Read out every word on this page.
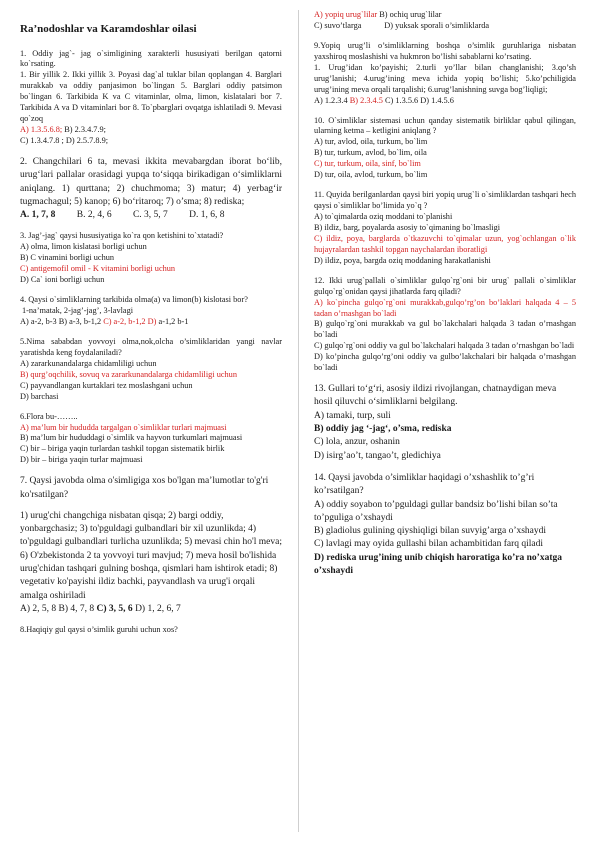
Ra’nodoshlar va Karamdoshlar oilasi

1. Oddiy jag`- jag o`simligining xarakterli hususiyati berilgan qatorni ko`rsating.

1. Bir yillik 2. Ikki yillik 3. Poyasi dag`al tuklar bilan qoplangan 4. Barglari murakkab va oddiy panjasimon bo`lingan 5. Barglari oddiy patsimon bo`lingan 6. Tarkibida K va C vitaminlar, olma, limon, kislatalari bor 7. Tarkibida A va D vitaminlari bor 8. To`pbarglari ovqatga ishlatiladi 9. Mevasi qo`zoq

A) 1.3.5.6.8; B) 2.3.4.7.9;

C) 1.3.4.7.8 ; D) 2.5.7.8.9;

2. Changchilari 6 ta, mevasi ikkita mevabargdan iborat bo‘lib, urug‘lari pallalar orasidagi yupqa to‘siqqa birikadigan o‘simliklarni aniqlang. 1) qurttana; 2) chuchmoma; 3) matur; 4) yerbag‘ir tugmachagul; 5) kanop; 6) bo‘ritaroq; 7) o’sma; 8) rediska;

A. 1, 7, 8 B. 2, 4, 6         C. 3, 5, 7         D. 1, 6, 8

3. Jag’-jag` qaysi hususiyatiga ko`ra qon ketishini to`xtatadi?

A) olma, limon kislatasi borligi uchun

B) C vinamini borligi uchun

C) antigemofil omil - K vitamini borligi uchun

D) Ca` ioni borligi uchun

4. Qaysi o`simliklarning tarkibida olma(a) va limon(b) kislotasi bor?

1-na’matak, 2-jag’-jag’, 3-lavlagi

A) a-2, b-3 B) a-3, b-1,2 C) a-2, b-1,2 D) a-1,2 b-1

5.Nima sababdan yovvoyi olma,nok,olcha o’simliklaridan yangi navlar yaratishda keng foydalaniladi?

A) zararkunandalarga chidamliligi uchun

B) qurg’oqchilik, sovuq va zararkunandalarga chidamliligi uchun

C) payvandlangan kurtaklari tez moslashgani uchun

D) barchasi

6.Flora bu-……..

A) ma’lum bir hududda targalgan o`simliklar turlari majmuasi

B) ma’lum bir hududdagi o`simlik va hayvon turkumlari majmuasi

C) bir – biriga yaqin turlardan tashkil topgan sistematik birlik

D) bir – biriga yaqin turlar majmuasi

7. Qaysi javobda olma o'simligiga xos bo'lgan ma’lumotlar to'g'ri ko'rsatilgan?

1) urug'chi changchiga nisbatan qisqa; 2) bargi oddiy, yonbargchasiz; 3) to'pguldagi gulbandlari bir xil uzunlikda; 4) to'pguldagi gulbandlari turlicha uzunlikda; 5) mevasi chin ho'l meva; 6) O'zbekistonda 2 ta yovvoyi turi mavjud; 7) meva hosil bo'lishida urug'chidan tashqari gulning boshqa, qismlari ham ishtirok etadi; 8) vegetativ ko'payishi ildiz bachki, payvandlash va urug'i orqali amalga oshiriladi

A) 2, 5, 8 B) 4, 7, 8 C) 3, 5, 6 D) 1, 2, 6, 7

8.Haqiqiy gul qaysi o’simlik guruhi uchun xos?

A) yopiq urug`lilar B) ochiq urug`lilar

C) suvo’tlarga	D) yuksak sporali o’simliklarda

9.Yopiq urug’li o’simliklarning boshqa o’simlik guruhlariga nisbatan yaxshiroq moslashishi va hukmron bo’lishi sabablarni ko’rsating.

1. Urug’idan ko’payishi; 2.turli yo’llar bilan changlanishi; 3.qo’sh urug’lanishi; 4.urug’ining meva ichida yopiq bo’lishi; 5.ko’pchiligida urug’ining meva orqali tarqalishi; 6.urug’lanishning suvga bog’liqligi;

A) 1.2.3.4 B) 2.3.4.5 C) 1.3.5.6 D) 1.4.5.6

10. O`simliklar sistemasi uchun qanday sistematik birliklar qabul qilingan, ularning ketma – ketligini aniqlang ?

A) tur, avlod, oila, turkum, bo`lim

B) tur, turkum, avlod, bo`lim, oila

C) tur, turkum, oila, sinf, bo`lim

D) tur, oila, avlod, turkum, bo`lim

11. Quyida berilganlardan qaysi biri yopiq urug`li o`simliklardan tashqari hech qaysi o`simliklar bo’limida yo`q ?

A) to`qimalarda oziq moddani to`planishi

B) ildiz, barg, poyalarda asosiy to`qimaning bo`lmasligi

C) ildiz, poya, barglarda o`tkazuvchi to`qimalar uzun, yog`ochlangan o`lik hujayralardan tashkil topgan naychalardan iboratligi

D) ildiz, poya, bargda oziq moddaning harakatlanishi

12. Ikki urug`pallali o`simliklar gulqo`rg`oni bir urug` pallali o`simliklar gulqo`rg`onidan qaysi jihatlarda farq qiladi?

A) ko`pincha gulqo`rg`oni murakkab,gulqo’rg’on bo’laklari halqada 4 – 5 tadan o’rnashgan bo`ladi

B) gulqo`rg`oni murakkab va gul bo`lakchalari halqada 3 tadan o’rnashgan bo`ladi

C) gulqo`rg`oni oddiy va gul bo`lakchalari halqada 3 tadan o’rnashgan bo`ladi

D) ko’pincha gulqo’rg’oni oddiy va gulbo’lakchalari bir halqada o’rnashgan bo`ladi

13. Gullari to‘g‘ri, asosiy ildizi rivojlangan, chatnaydigan meva hosil qiluvchi o‘simliklarni belgilang.

A) tamaki, turp, suli

B) oddiy jag ‘-jag‘, o’sma, rediska

C) lola, anzur, oshanin

D) isirg’ao’t, tangao’t, gledichiya

14. Qaysi javobda o’simliklar haqidagi o’xshashlik to’g’ri ko’rsatilgan?

A) oddiy soyabon to’pguldagi gullar bandsiz bo’lishi bilan so’ta to’pguliga o’xshaydi

B) gladiolus gulining qiyshiqligi bilan suvyig’arga o’xshaydi

C) lavlagi may oyida gullashi bilan achambitidan farq qiladi

D) rediska urug’ining unib chiqish haroratiga ko’ra no’xatga o’xshaydi
